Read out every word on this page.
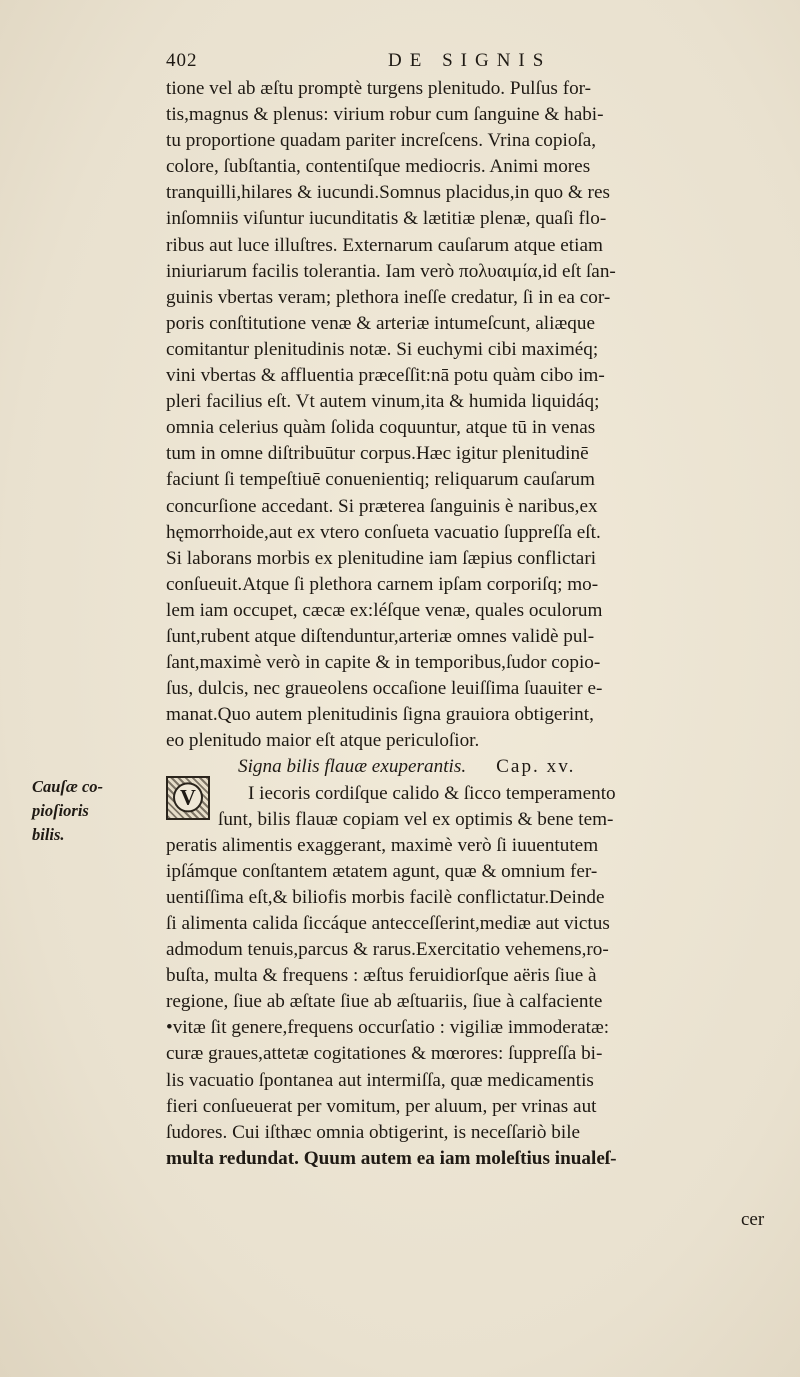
402	DE SIGNIS
Cauſæ co-
pioſioris
bilis.
V
tione vel ab æſtu promptè turgens plenitudo. Pulſus for-
tis,magnus & plenus: virium robur cum ſanguine & habi-
tu proportione quadam pariter increſcens. Vrina copioſa,
colore, ſubſtantia, contentiſque mediocris. Animi mores
tranquilli,hilares & iucundi.Somnus placidus,in quo & res
inſomniis viſuntur iucunditatis & lætitiæ plenæ, quaſi flo-
ribus aut luce illuſtres. Externarum cauſarum atque etiam
iniuriarum facilis tolerantia. Iam verò πολυαιμία,id eſt ſan-
guinis vbertas veram; plethora ineſſe credatur, ſi in ea cor-
poris conſtitutione venæ & arteriæ intumeſcunt, aliæque
comitantur plenitudinis notæ. Si euchymi cibi maximéq;
vini vbertas & affluentia præceſſit:nā potu quàm cibo im-
pleri facilius eſt. Vt autem vinum,ita & humida liquidáq;
omnia celerius quàm ſolida coquuntur, atque tū in venas
tum in omne diſtribuūtur corpus.Hæc igitur plenitudinē
faciunt ſi tempeſtiuē conuenientiq; reliquarum cauſarum
concurſione accedant. Si præterea ſanguinis è naribus,ex
hęmorrhoide,aut ex vtero conſueta vacuatio ſuppreſſa eſt.
Si laborans morbis ex plenitudine iam ſæpius conflictari
conſueuit.Atque ſi plethora carnem ipſam corporiſq; mo-
lem iam occupet, cæcæ ex:léſque venæ, quales oculorum
ſunt,rubent atque diſtenduntur,arteriæ omnes validè pul-
ſant,maximè verò in capite & in temporibus,ſudor copio-
ſus, dulcis, nec graueolens occaſione leuiſſima ſuauiter e-
manat.Quo autem plenitudinis ſigna grauiora obtigerint,
eo plenitudo maior eſt atque periculoſior.
Signa bilis flauæ exuperantis. Cap. xv.
I iecoris cordiſque calido & ſicco temperamento
ſunt, bilis flauæ copiam vel ex optimis & bene tem-
peratis alimentis exaggerant, maximè verò ſi iuuentutem
ipſámque conſtantem ætatem agunt, quæ & omnium fer-
uentiſſima eſt,& biliofis morbis facilè conflictatur.Deinde
ſi alimenta calida ſiccáque antecceſſerint,mediæ aut victus
admodum tenuis,parcus & rarus.Exercitatio vehemens,ro-
buſta, multa & frequens : æſtus feruidiorſque aëris ſiue à
regione, ſiue ab æſtate ſiue ab æſtuariis, ſiue à calfaciente
•vitæ ſit genere,frequens occurſatio : vigiliæ immoderatæ:
curæ graues,attetæ cogitationes & mœrores: ſuppreſſa bi-
lis vacuatio ſpontanea aut intermiſſa, quæ medicamentis
fieri conſueuerat per vomitum, per aluum, per vrinas aut
ſudores. Cui iſthæc omnia obtigerint, is neceſſariò bile
multa redundat. Quum autem ea iam moleſtius inualeſ-
cer
